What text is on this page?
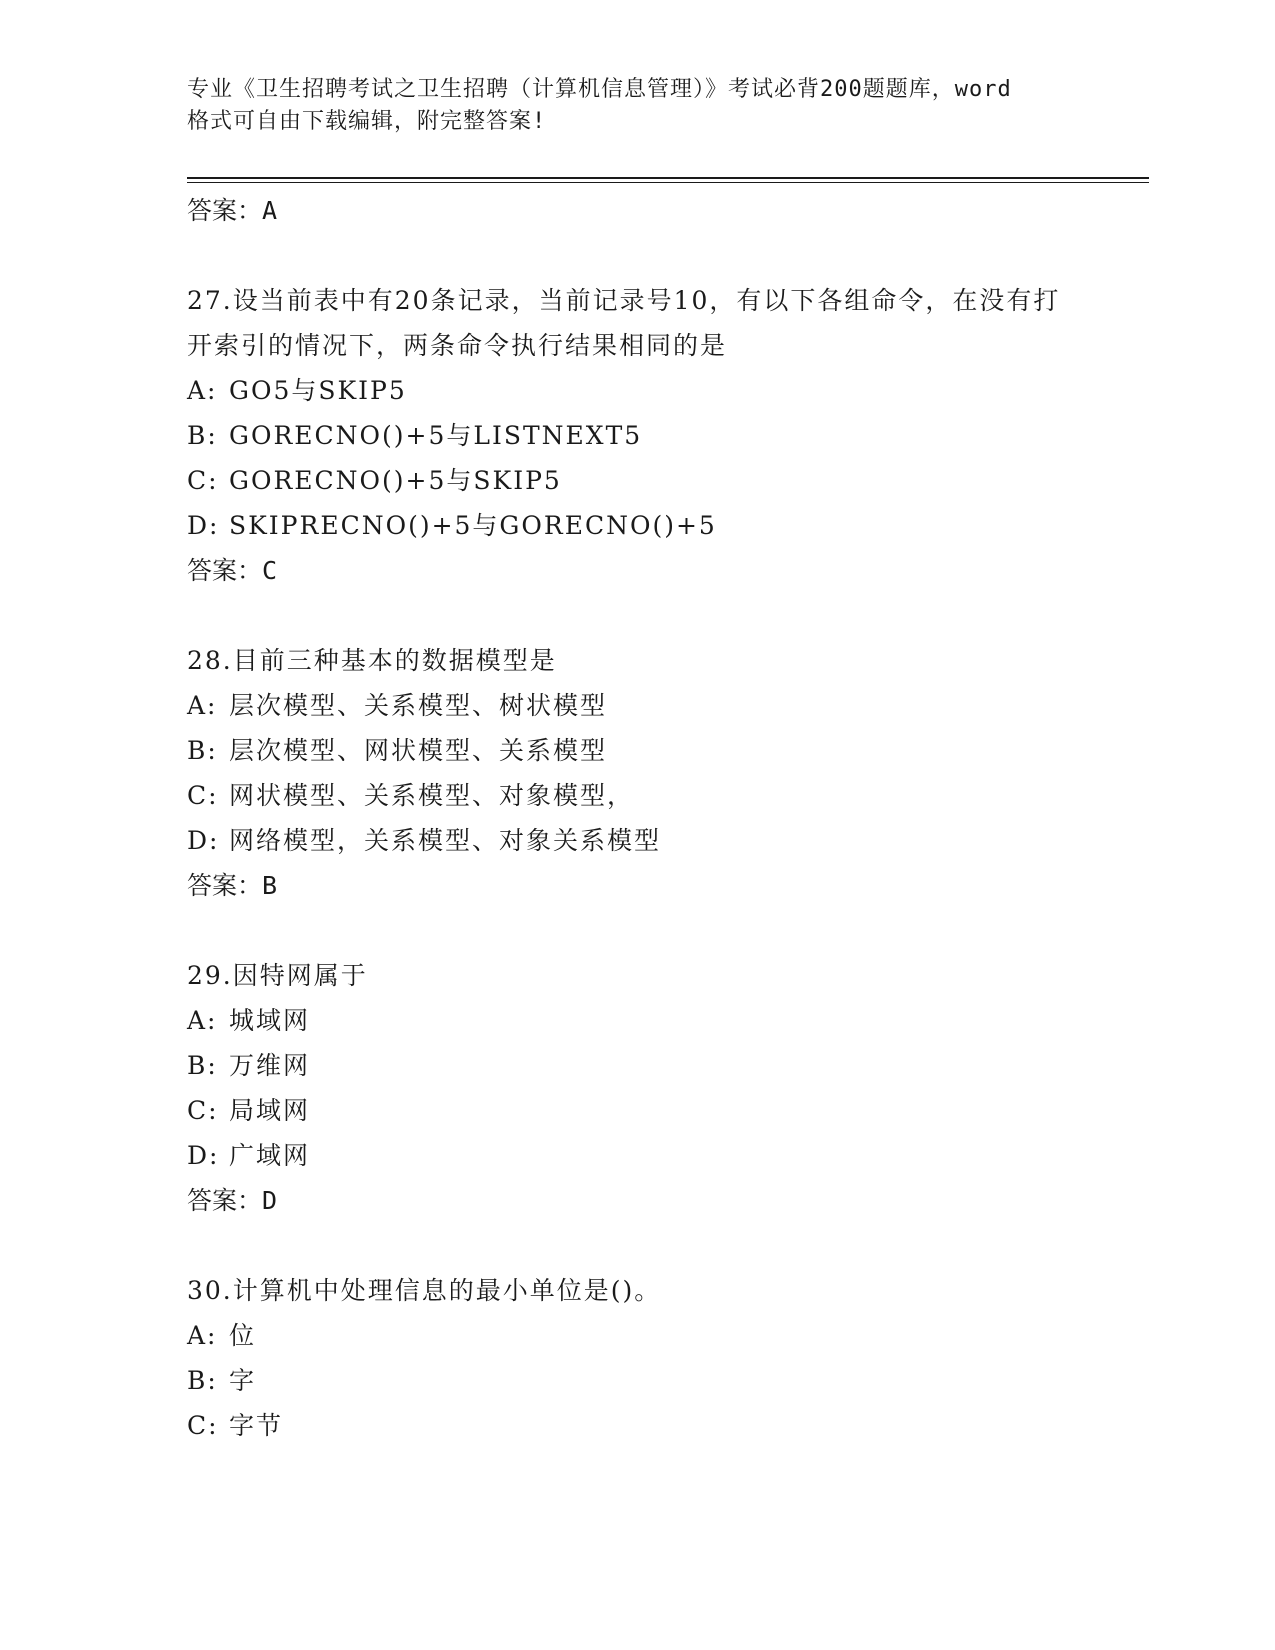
专业《卫生招聘考试之卫生招聘（计算机信息管理）》考试必背200题题库，word
格式可自由下载编辑，附完整答案!
答案：A
27.设当前表中有20条记录，当前记录号10，有以下各组命令，在没有打开索引的情况下，两条命令执行结果相同的是
A: GO5与SKIP5
B: GORECNO()+5与LISTNEXT5
C: GORECNO()+5与SKIP5
D: SKIPRECNO()+5与GORECNO()+5
答案：C
28.目前三种基本的数据模型是
A: 层次模型、关系模型、树状模型
B: 层次模型、网状模型、关系模型
C: 网状模型、关系模型、对象模型，
D: 网络模型，关系模型、对象关系模型
答案：B
29.因特网属于
A: 城域网
B: 万维网
C: 局域网
D: 广域网
答案：D
30.计算机中处理信息的最小单位是()。
A: 位
B: 字
C: 字节
